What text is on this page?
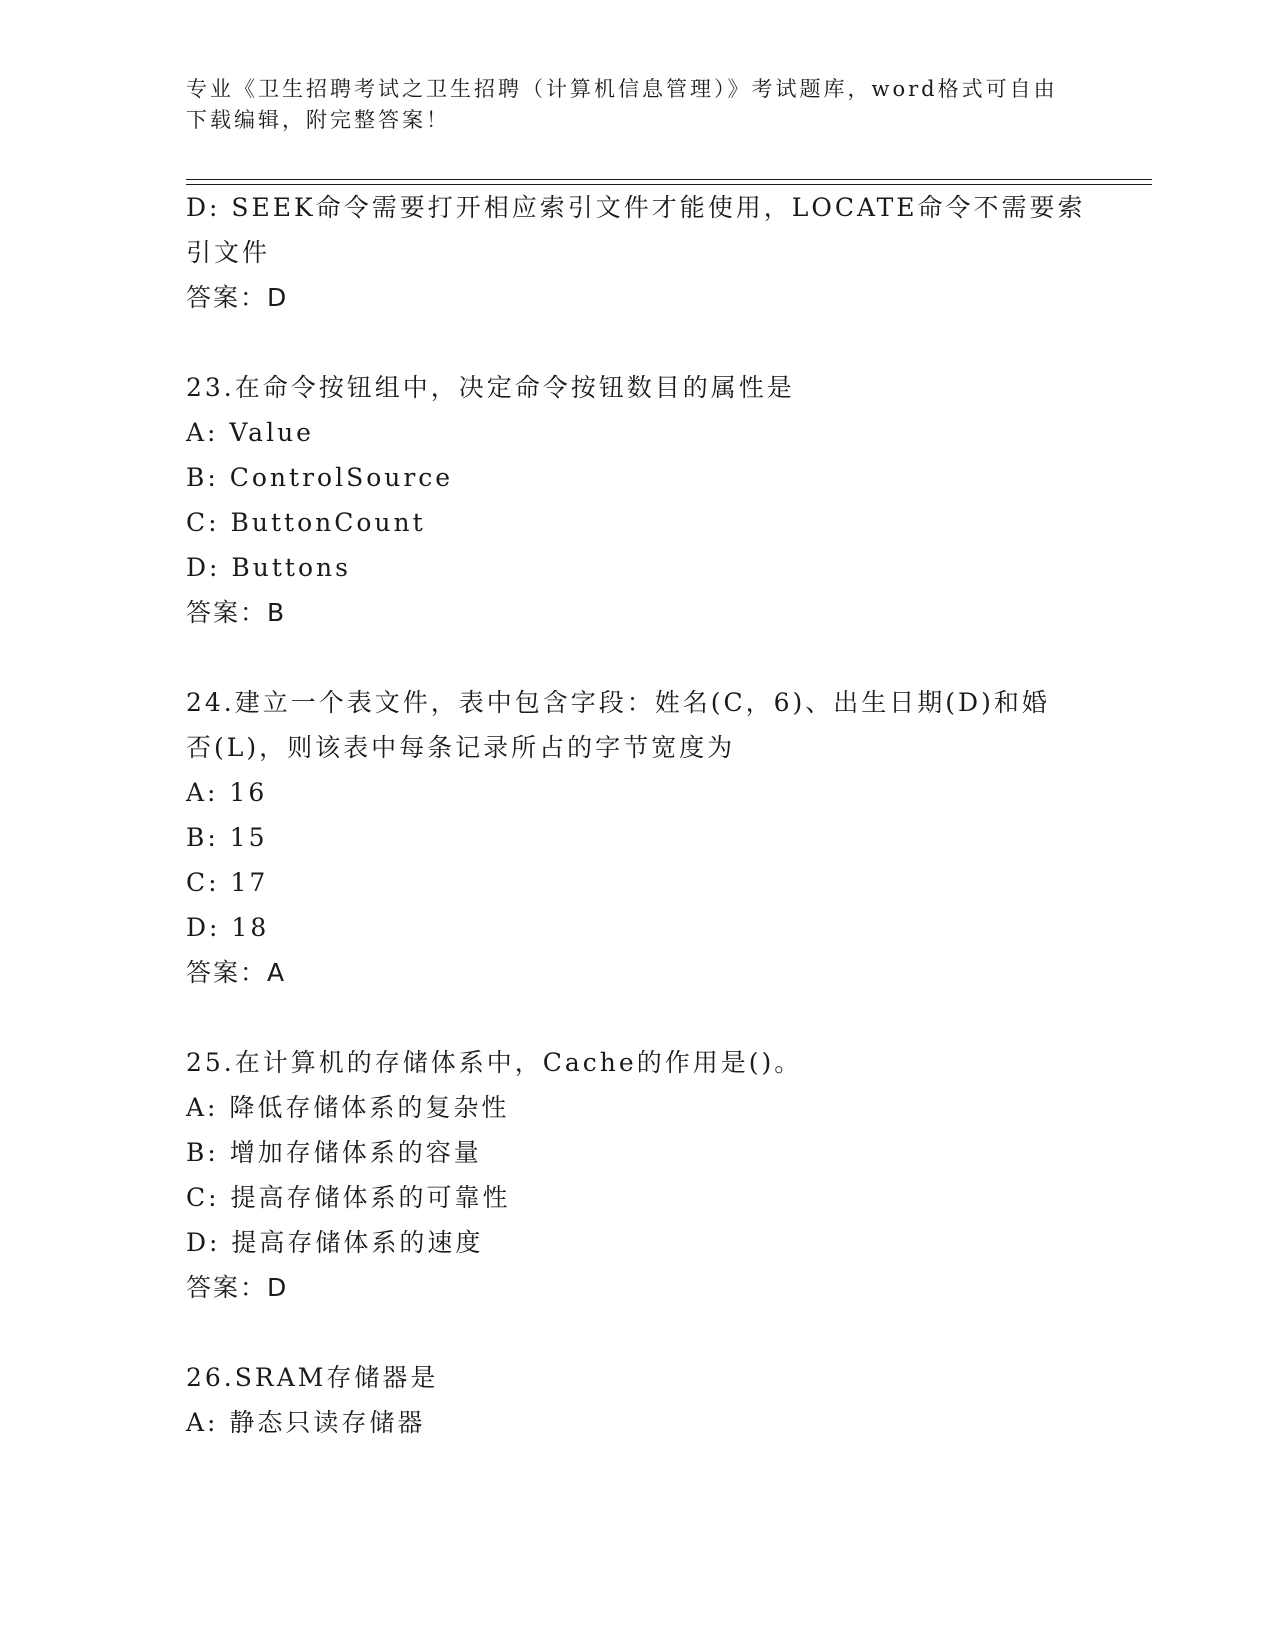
专业《卫生招聘考试之卫生招聘（计算机信息管理）》考试题库，word格式可自由下载编辑，附完整答案！
D: SEEK命令需要打开相应索引文件才能使用，LOCATE命令不需要索
引文件
答案：D
23.在命令按钮组中，决定命令按钮数目的属性是
A: Value
B: ControlSource
C: ButtonCount
D: Buttons
答案：B
24.建立一个表文件，表中包含字段：姓名(C，6)、出生日期(D)和婚
否(L)，则该表中每条记录所占的字节宽度为
A: 16
B: 15
C: 17
D: 18
答案：A
25.在计算机的存储体系中，Cache的作用是()。
A: 降低存储体系的复杂性
B: 增加存储体系的容量
C: 提高存储体系的可靠性
D: 提高存储体系的速度
答案：D
26.SRAM存储器是
A: 静态只读存储器
